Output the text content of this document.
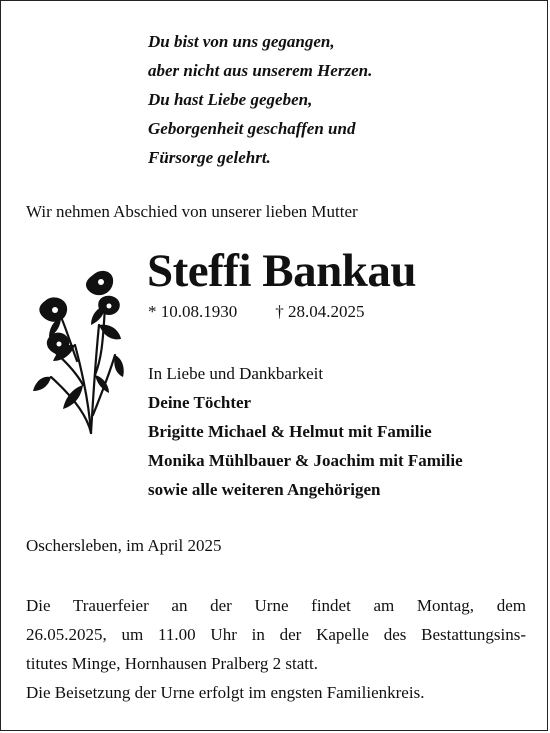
Du bist von uns gegangen,
aber nicht aus unserem Herzen.
Du hast Liebe gegeben,
Geborgenheit geschaffen und
Fürsorge gelehrt.
Wir nehmen Abschied von unserer lieben Mutter
Steffi Bankau
* 10.08.1930 † 28.04.2025
In Liebe und Dankbarkeit
Deine Töchter
Brigitte Michael & Helmut mit Familie
Monika Mühlbauer & Joachim mit Familie
sowie alle weiteren Angehörigen
Oschersleben, im April 2025
Die Trauerfeier an der Urne findet am Montag, dem
26.05.2025, um 11.00 Uhr in der Kapelle des Bestattungsins-
titutes Minge, Hornhausen Pralberg 2 statt.
Die Beisetzung der Urne erfolgt im engsten Familienkreis.
